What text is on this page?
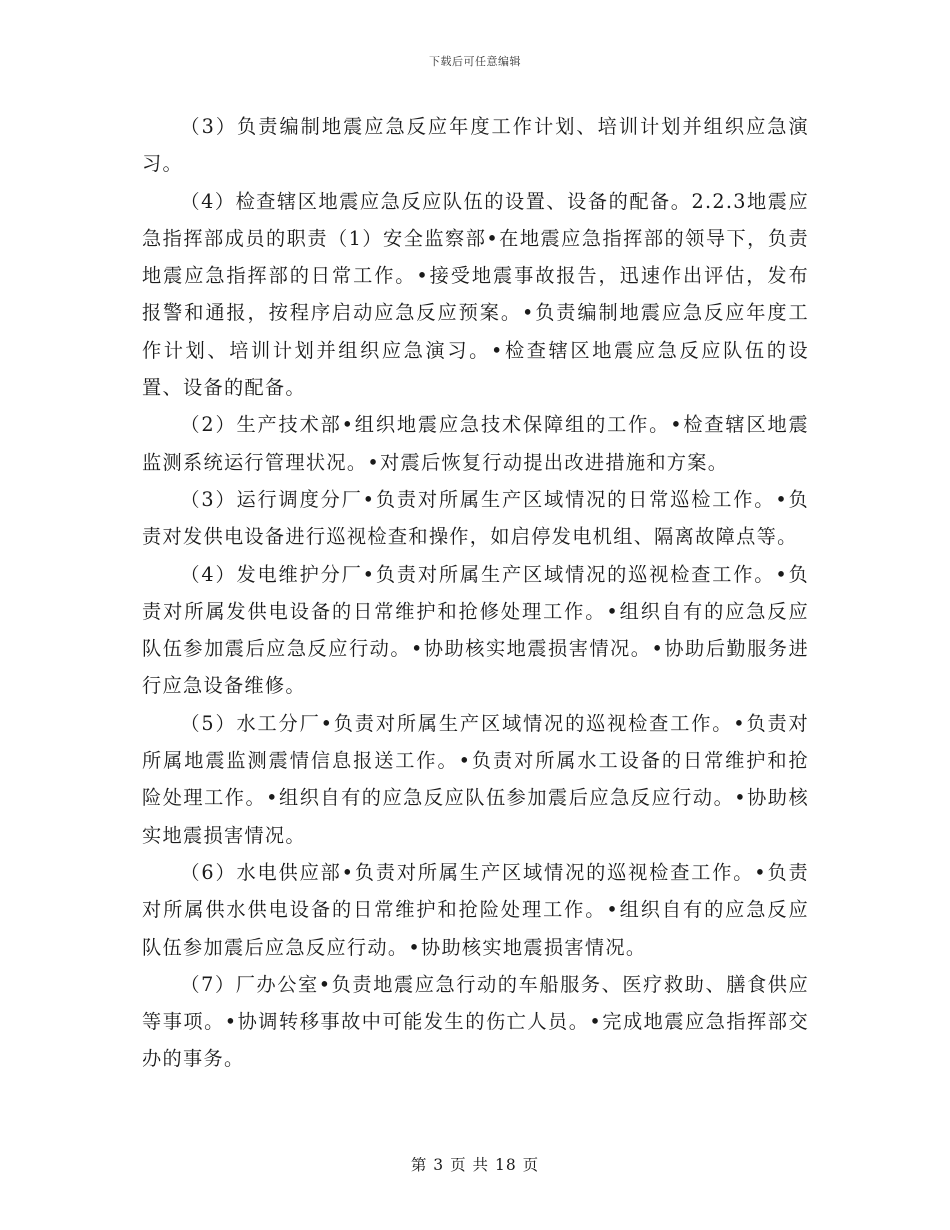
下载后可任意编辑

（3）负责编制地震应急反应年度工作计划、培训计划并组织应急演习。

（4）检查辖区地震应急反应队伍的设置、设备的配备。2.2.3地震应急指挥部成员的职责（1）安全监察部•在地震应急指挥部的领导下，负责地震应急指挥部的日常工作。•接受地震事故报告，迅速作出评估，发布报警和通报，按程序启动应急反应预案。•负责编制地震应急反应年度工作计划、培训计划并组织应急演习。•检查辖区地震应急反应队伍的设置、设备的配备。

（2）生产技术部•组织地震应急技术保障组的工作。•检查辖区地震监测系统运行管理状况。•对震后恢复行动提出改进措施和方案。

（3）运行调度分厂•负责对所属生产区域情况的日常巡检工作。•负责对发供电设备进行巡视检查和操作，如启停发电机组、隔离故障点等。

（4）发电维护分厂•负责对所属生产区域情况的巡视检查工作。•负责对所属发供电设备的日常维护和抢修处理工作。•组织自有的应急反应队伍参加震后应急反应行动。•协助核实地震损害情况。•协助后勤服务进行应急设备维修。

（5）水工分厂•负责对所属生产区域情况的巡视检查工作。•负责对所属地震监测震情信息报送工作。•负责对所属水工设备的日常维护和抢险处理工作。•组织自有的应急反应队伍参加震后应急反应行动。•协助核实地震损害情况。

（6）水电供应部•负责对所属生产区域情况的巡视检查工作。•负责对所属供水供电设备的日常维护和抢险处理工作。•组织自有的应急反应队伍参加震后应急反应行动。•协助核实地震损害情况。

（7）厂办公室•负责地震应急行动的车船服务、医疗救助、膳食供应等事项。•协调转移事故中可能发生的伤亡人员。•完成地震应急指挥部交办的事务。

第 3 页 共 18 页
